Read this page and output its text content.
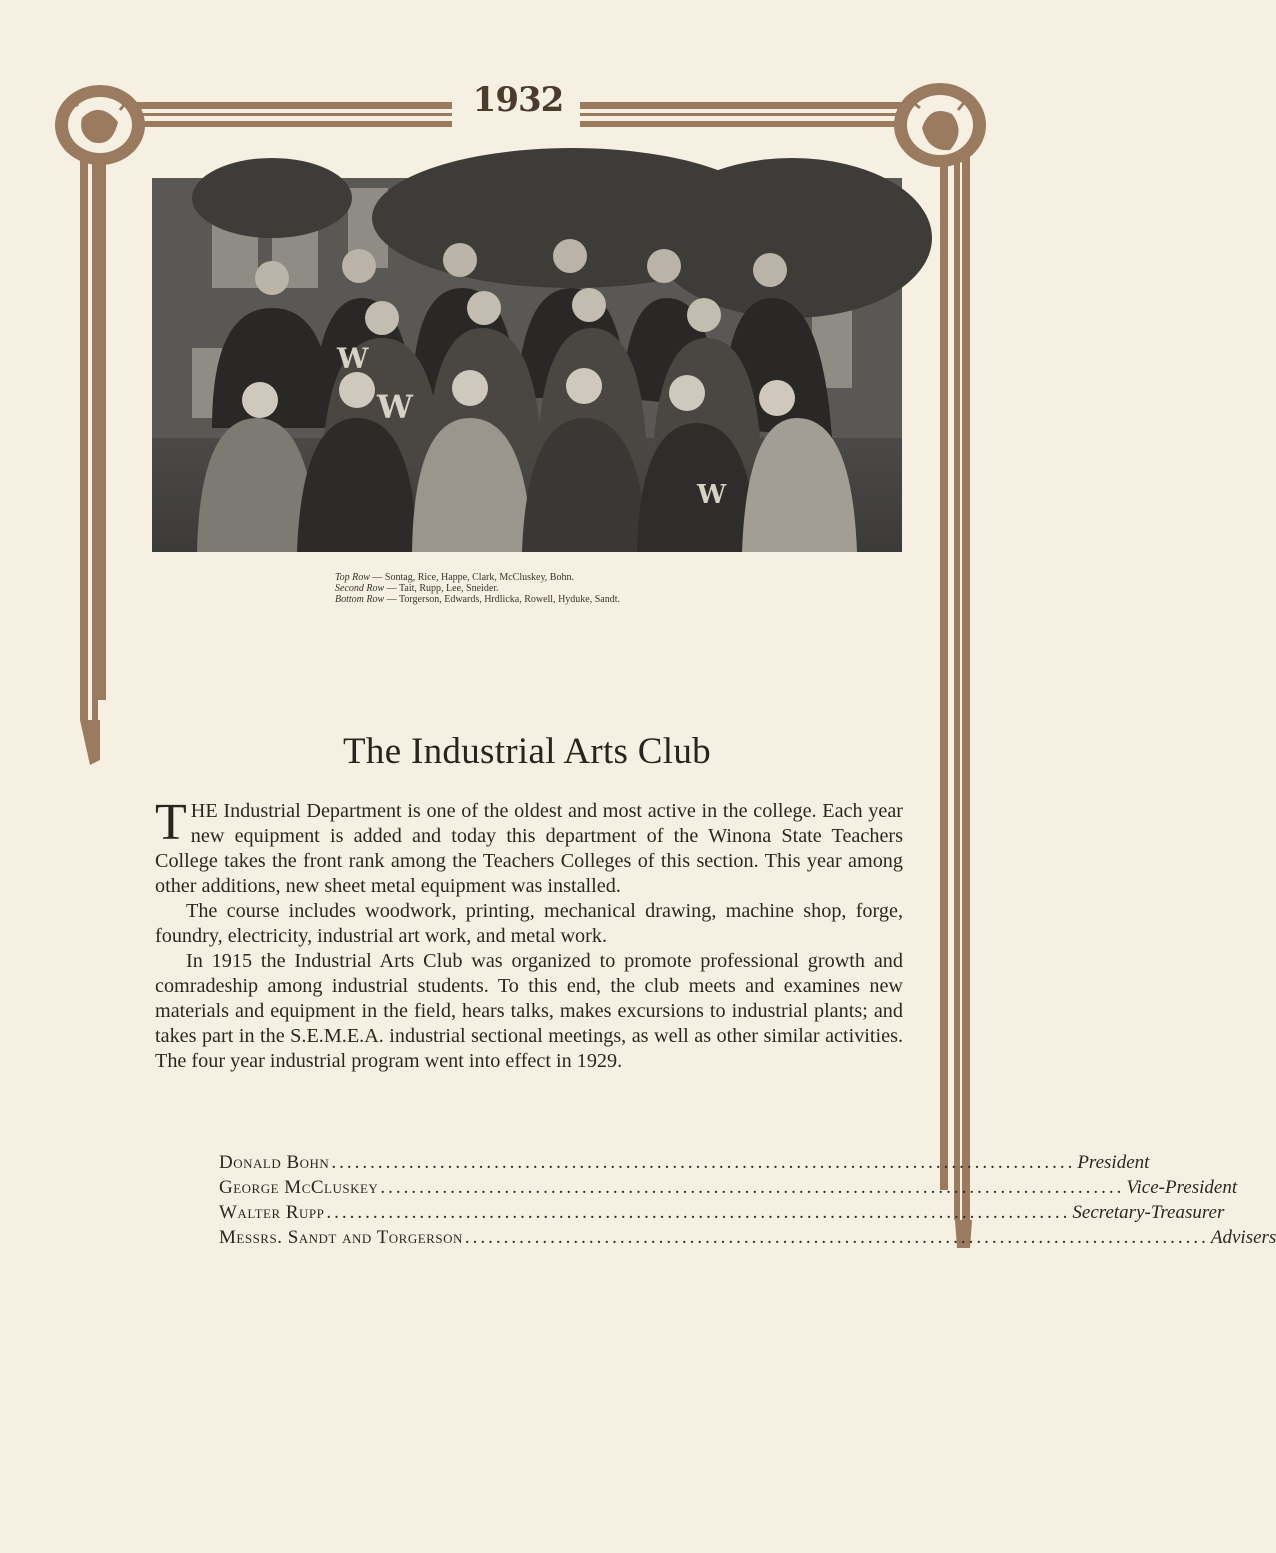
1932
W
W
W
Top Row — Sontag, Rice, Happe, Clark, McCluskey, Bohn.
Second Row — Tait, Rupp, Lee, Sneider.
Bottom Row — Torgerson, Edwards, Hrdlicka, Rowell, Hyduke, Sandt.
The Industrial Arts Club

THE Industrial Department is one of the oldest and most active in the college. Each year new equipment is added and today this department of the Winona State Teachers College takes the front rank among the Teachers Colleges of this section. This year among other additions, new sheet metal equipment was installed.

The course includes woodwork, printing, mechanical drawing, machine shop, forge, foundry, electricity, industrial art work, and metal work.

In 1915 the Industrial Arts Club was organized to promote professional growth and comradeship among industrial students. To this end, the club meets and examines new materials and equipment in the field, hears talks, makes excursions to industrial plants; and takes part in the S.E.M.E.A. industrial sectional meetings, as well as other similar activities. The four year industrial program went into effect in 1929.

Donald Bohn ................................................................................................ President
George McCluskey ................................................................................................ Vice-President
Walter Rupp ................................................................................................ Secretary-Treasurer
Messrs. Sandt and Torgerson ................................................................................................ Advisers
